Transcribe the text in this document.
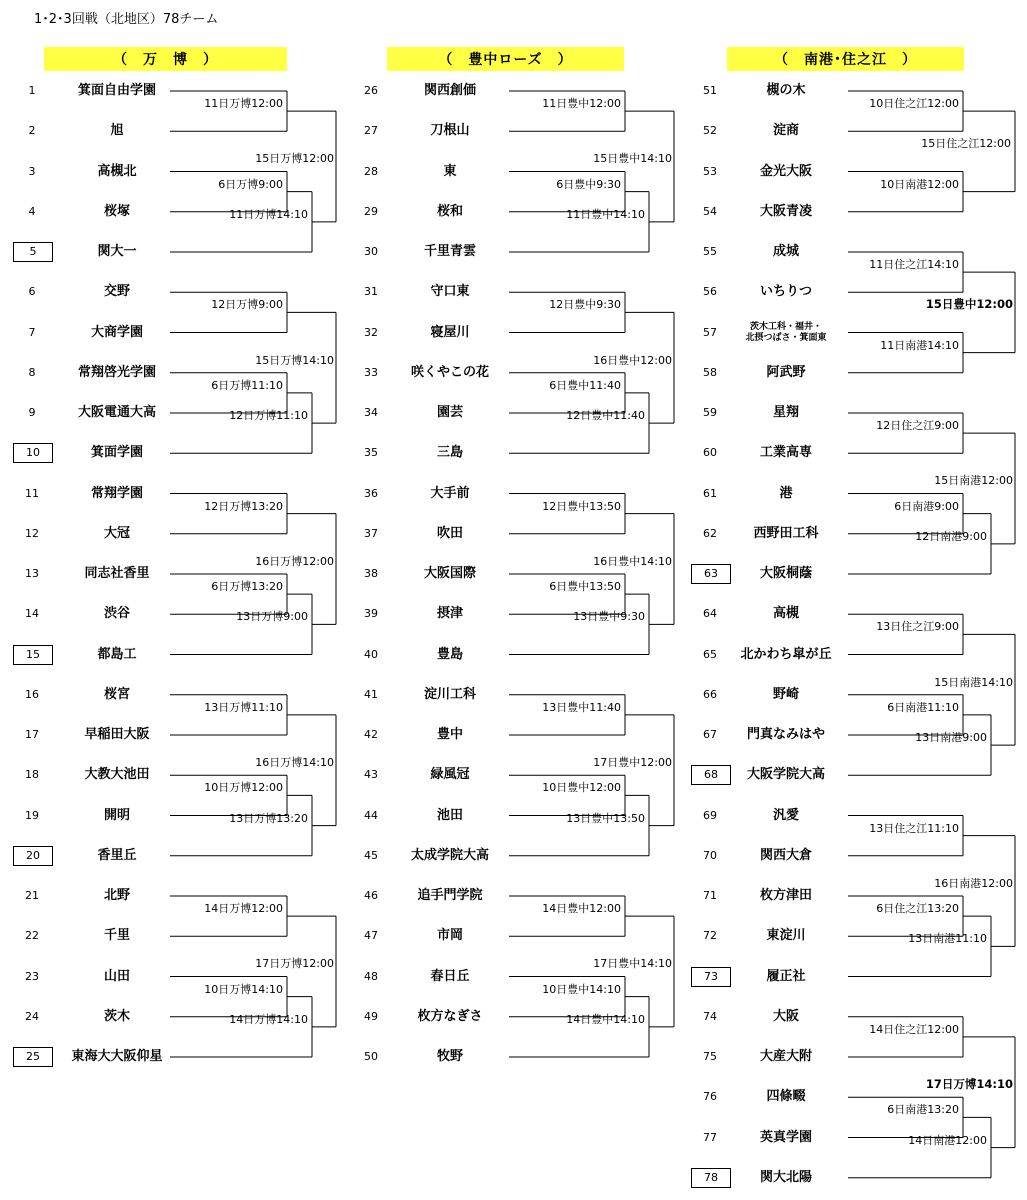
1･2･3回戦（北地区）78チーム
（　万　博　）	（　豊中ローズ　）	（　南港･住之江　）
1	箕面自由学園
2	旭
3	高槻北
4	桜塚
5	関大一
6	交野
7	大商学園
8	常翔啓光学園
9	大阪電通大高
10	箕面学園
11	常翔学園
12	大冠
13	同志社香里
14	渋谷
15	都島工
16	桜宮
17	早稲田大阪
18	大教大池田
19	開明
20	香里丘
21	北野
22	千里
23	山田
24	茨木
25	東海大大阪仰星
26	関西創価
27	刀根山
28	東
29	桜和
30	千里青雲
31	守口東
32	寝屋川
33	咲くやこの花
34	園芸
35	三島
36	大手前
37	吹田
38	大阪国際
39	摂津
40	豊島
41	淀川工科
42	豊中
43	緑風冠
44	池田
45	太成学院大高
46	追手門学院
47	市岡
48	春日丘
49	枚方なぎさ
50	牧野
51	槻の木
52	淀商
53	金光大阪
54	大阪青凌
55	成城
56	いちりつ
57	茨木工科・福井・
北摂つばさ・箕面東
58	阿武野
59	星翔
60	工業高専
61	港
62	西野田工科
63	大阪桐蔭
64	高槻
65	北かわち皐が丘
66	野崎
67	門真なみはや
68	大阪学院大高
69	汎愛
70	関西大倉
71	枚方津田
72	東淀川
73	履正社
74	大阪
75	大産大附
76	四條畷
77	英真学園
78	関大北陽
11日万博12:00
6日万博9:00
11日万博14:10
15日万博12:00
12日万博9:00
6日万博11:10
12日万博11:10
15日万博14:10
12日万博13:20
6日万博13:20
13日万博9:00
16日万博12:00
13日万博11:10
10日万博12:00
13日万博13:20
16日万博14:10
14日万博12:00
10日万博14:10
14日万博14:10
17日万博12:00
11日豊中12:00
6日豊中9:30
11日豊中14:10
15日豊中14:10
12日豊中9:30
6日豊中11:40
12日豊中11:40
16日豊中12:00
12日豊中13:50
6日豊中13:50
13日豊中9:30
16日豊中14:10
13日豊中11:40
10日豊中12:00
13日豊中13:50
17日豊中12:00
14日豊中12:00
10日豊中14:10
14日豊中14:10
17日豊中14:10
10日住之江12:00
10日南港12:00
15日住之江12:00
11日住之江14:10
11日南港14:10
15日豊中12:00
12日住之江9:00
6日南港9:00
12日南港9:00
15日南港12:00
13日住之江9:00
6日南港11:10
13日南港9:00
15日南港14:10
13日住之江11:10
6日住之江13:20
13日南港11:10
16日南港12:00
14日住之江12:00
6日南港13:20
14日南港12:00
17日万博14:10
